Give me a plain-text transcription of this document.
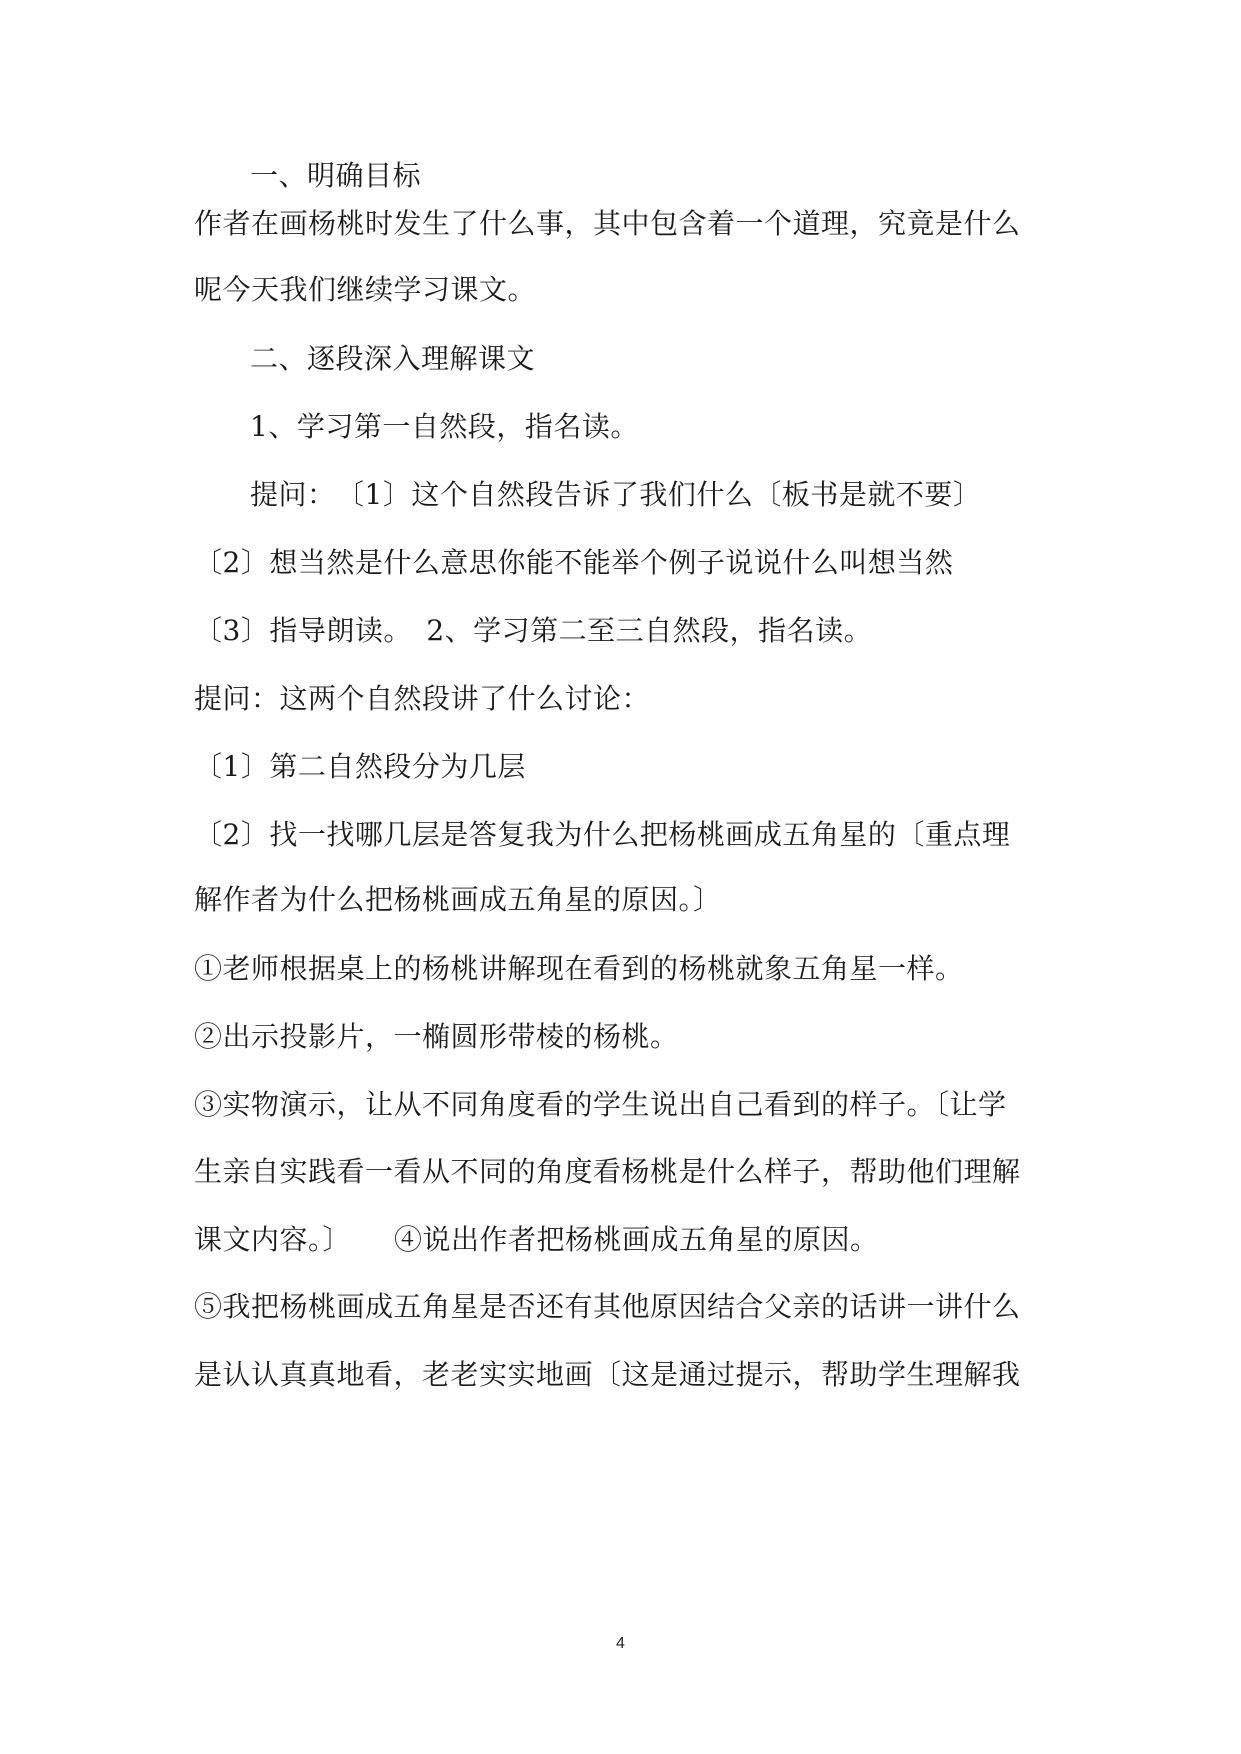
一、明确目标
作者在画杨桃时发生了什么事，其中包含着一个道理，究竟是什么
呢今天我们继续学习课文。
二、逐段深入理解课文
1、学习第一自然段，指名读。
提问：　〔1〕这个自然段告诉了我们什么〔板书是就不要〕
〔2〕想当然是什么意思你能不能举个例子说说什么叫想当然
〔3〕指导朗读。　2、学习第二至三自然段，指名读。
提问：这两个自然段讲了什么讨论：
〔1〕第二自然段分为几层
〔2〕找一找哪几层是答复我为什么把杨桃画成五角星的〔重点理
解作者为什么把杨桃画成五角星的原因。〕
①老师根据桌上的杨桃讲解现在看到的杨桃就象五角星一样。
②出示投影片，一椭圆形带棱的杨桃。
③实物演示，让从不同角度看的学生说出自己看到的样子。〔让学
生亲自实践看一看从不同的角度看杨桃是什么样子，帮助他们理解
课文内容。〕　　④说出作者把杨桃画成五角星的原因。
⑤我把杨桃画成五角星是否还有其他原因结合父亲的话讲一讲什么
是认认真真地看，老老实实地画〔这是通过提示，帮助学生理解我
4
